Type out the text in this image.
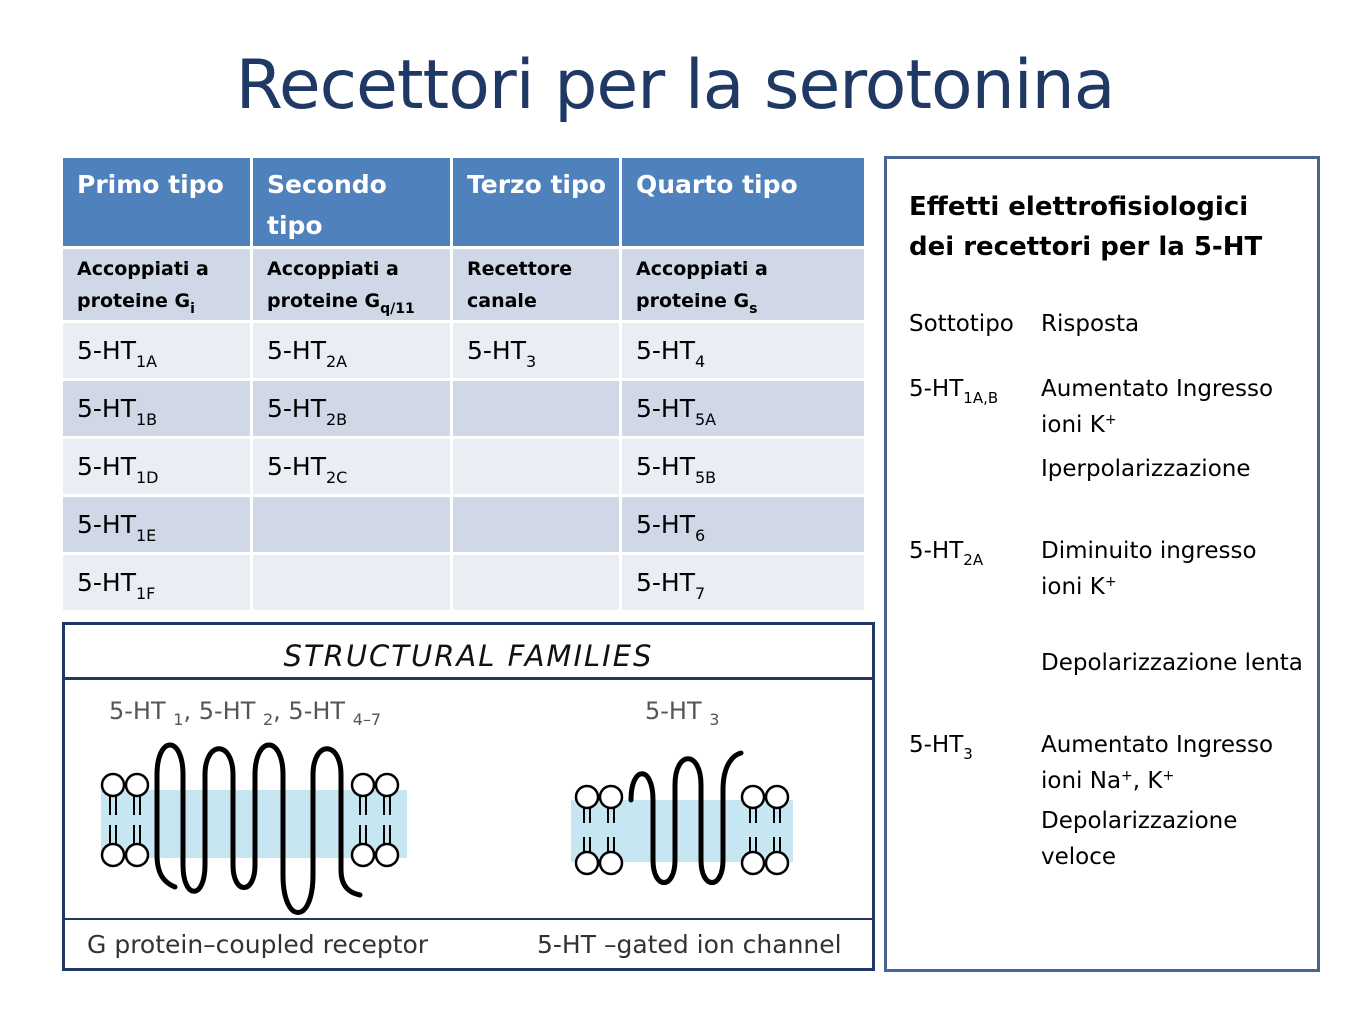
Recettori per la serotonina
Primo tipo	Secondo tipo	Terzo tipo	Quarto tipo
Accoppiati a proteine $G_i$	Accoppiati a proteine $G_{q/11}$	Recettore canale	Accoppiati a proteine $G_s$
$5-HT_{1A}$	$5-HT_{2A}$	$5-HT_3$	$5-HT_4$
$5-HT_{1B}$	$5-HT_{2B}$		$5-HT_{5A}$
$5-HT_{1D}$	$5-HT_{2C}$		$5-HT_{5B}$
$5-HT_{1E}$			$5-HT_6$
$5-HT_{1F}$			$5-HT_7$
STRUCTURAL FAMILIES
5-HT $_1$, 5-HT $_2$, 5-HT $_{4-7}$	5-HT $_3$
G protein–coupled receptor	5-HT –gated ion channel
Effetti elettrofisiologici
dei recettori per la 5-HT
Sottotipo Risposta
$5-HT_{1A,B}$ Aumentato Ingresso
ioni K+
Iperpolarizzazione
$5-HT_{2A}$	Diminuito ingresso
ioni K+
Depolarizzazione lenta
$5-HT_3$	Aumentato Ingresso
ioni Na+, K+
Depolarizzazione
veloce
